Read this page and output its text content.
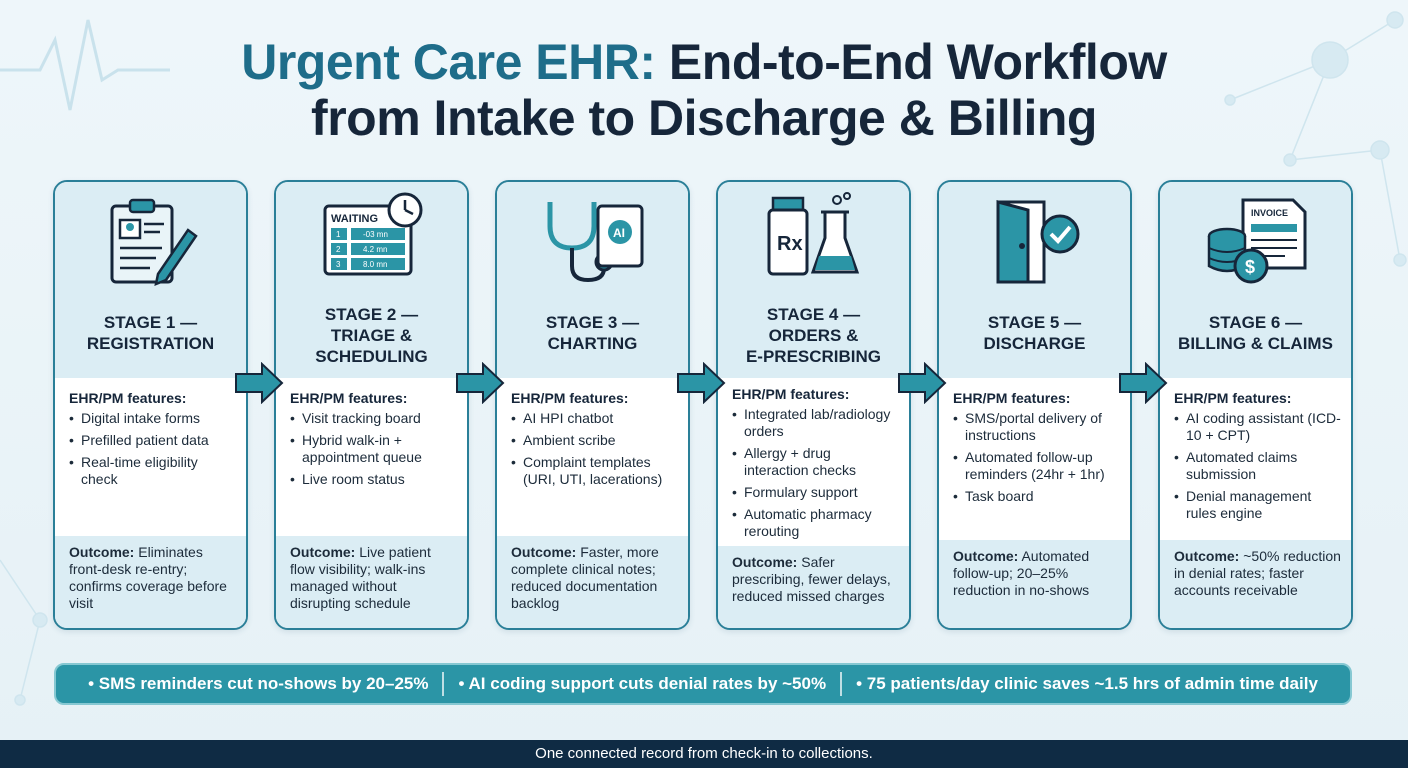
Urgent Care EHR: End-to-End Workflow
from Intake to Discharge & Billing
STAGE 1 —
REGISTRATION
EHR/PM features:
• Digital intake forms
• Prefilled patient data
• Real-time eligibility check
Outcome: Eliminates front-desk re-entry; confirms coverage before visit
WAITING
1	-03 mn
2	4.2 mn
3	8.0 mn
STAGE 2 —
TRIAGE &
SCHEDULING
EHR/PM features:
• Visit tracking board
• Hybrid walk-in + appointment queue
• Live room status
Outcome: Live patient flow visibility; walk-ins managed without disrupting schedule
AI
STAGE 3 —
CHARTING
EHR/PM features:
• AI HPI chatbot
• Ambient scribe
• Complaint templates (URI, UTI, lacerations)
Outcome: Faster, more complete clinical notes; reduced documentation backlog
Rx
STAGE 4 —
ORDERS &
E-PRESCRIBING
EHR/PM features:
• Integrated lab/radiology orders
• Allergy + drug interaction checks
• Formulary support
• Automatic pharmacy rerouting
Outcome: Safer prescribing, fewer delays, reduced missed charges
STAGE 5 —
DISCHARGE
EHR/PM features:
• SMS/portal delivery of instructions
• Automated follow-up reminders (24hr + 1hr)
• Task board
Outcome: Automated follow-up; 20–25% reduction in no-shows
INVOICE
$
STAGE 6 —
BILLING & CLAIMS
EHR/PM features:
• AI coding assistant (ICD-10 + CPT)
• Automated claims submission
• Denial management rules engine
Outcome: ~50% reduction in denial rates; faster accounts receivable
• SMS reminders cut no-shows by 20–25% • AI coding support cuts denial rates by ~50% • 75 patients/day clinic saves ~1.5 hrs of admin time daily
One connected record from check-in to collections.
